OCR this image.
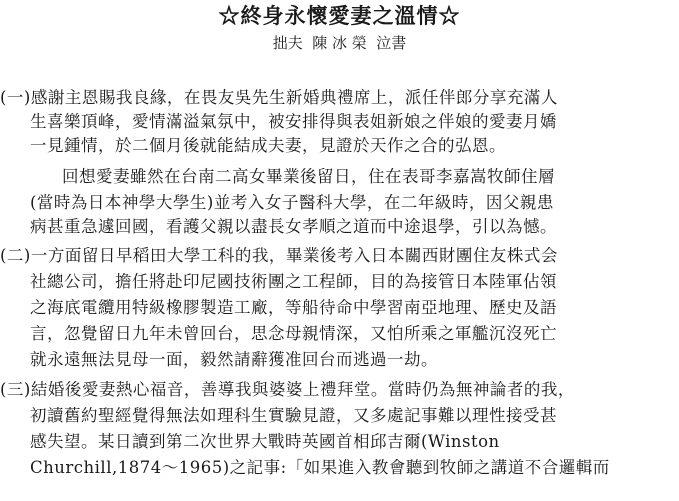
☆終身永懷愛妻之溫情☆
拙夫  陳 冰 榮  泣書
(一)感謝主恩賜我良緣，在畏友吳先生新婚典禮席上，派任伴郎分享充滿人
生喜樂頂峰，愛情滿溢氣氛中，被安排得與表姐新娘之伴娘的愛妻月嬌
一見鍾情，於二個月後就能結成夫妻，見證於天作之合的弘恩。
回想愛妻雖然在台南二高女畢業後留日，住在表哥李嘉嵩牧師住層
(當時為日本神學大學生)並考入女子醫科大學，在二年級時，因父親患
病甚重急遽回國，看護父親以盡長女孝順之道而中途退學，引以為憾。
(二)一方面留日早稻田大學工科的我，畢業後考入日本關西財團住友株式会
社總公司，擔任將赴印尼國技術團之工程師，目的為接管日本陸軍佔領
之海底電纜用特級橡膠製造工廠，等船待命中學習南亞地理、歷史及語
言，忽覺留日九年未曾回台，思念母親情深，又怕所乘之軍艦沉沒死亡
就永遠無法見母一面，毅然請辭獲准回台而逃過一劫。
(三)結婚後愛妻熱心福音，善導我與婆婆上禮拜堂。當時仍為無神論者的我，
初讀舊約聖經覺得無法如理科生實驗見證，又多處記事難以理性接受甚
感失望。某日讀到第二次世界大戰時英國首相邱吉爾(Winston
Churchill,1874～1965)之記事:「如果進入教會聽到牧師之講道不合邏輯而
